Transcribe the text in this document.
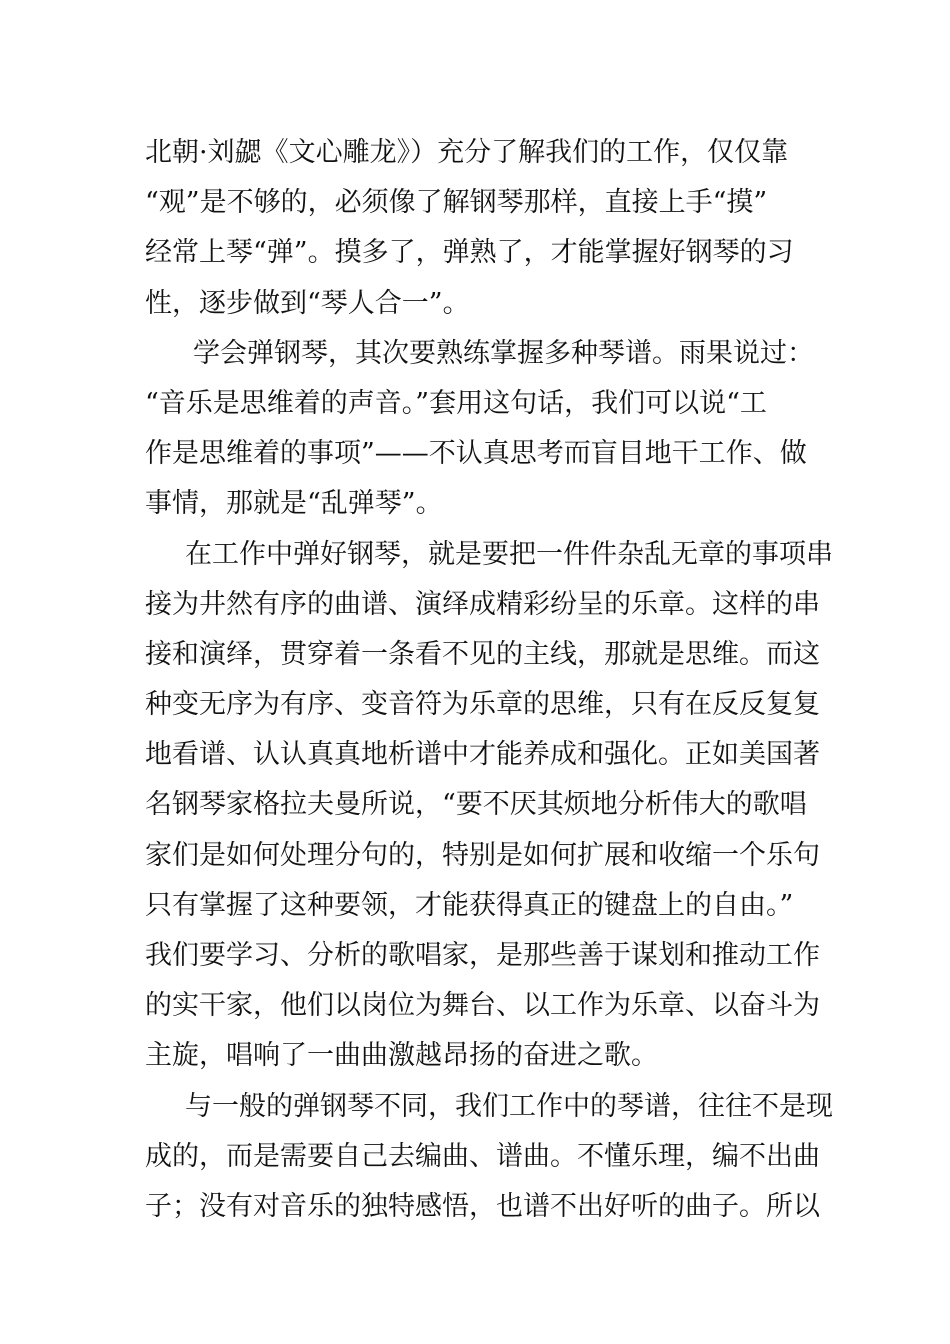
北朝·刘勰《文心雕龙》）充分了解我们的工作，仅仅靠
“观”是不够的，必须像了解钢琴那样，直接上手“摸”
经常上琴“弹”。摸多了，弹熟了，才能掌握好钢琴的习
性，逐步做到“琴人合一”。
学会弹钢琴，其次要熟练掌握多种琴谱。雨果说过：
“音乐是思维着的声音。”套用这句话，我们可以说“工
作是思维着的事项”——不认真思考而盲目地干工作、做
事情，那就是“乱弹琴”。
在工作中弹好钢琴，就是要把一件件杂乱无章的事项串
接为井然有序的曲谱、演绎成精彩纷呈的乐章。这样的串
接和演绎，贯穿着一条看不见的主线，那就是思维。而这
种变无序为有序、变音符为乐章的思维，只有在反反复复
地看谱、认认真真地析谱中才能养成和强化。正如美国著
名钢琴家格拉夫曼所说，“要不厌其烦地分析伟大的歌唱
家们是如何处理分句的，特别是如何扩展和收缩一个乐句
只有掌握了这种要领，才能获得真正的键盘上的自由。”
我们要学习、分析的歌唱家，是那些善于谋划和推动工作
的实干家，他们以岗位为舞台、以工作为乐章、以奋斗为
主旋，唱响了一曲曲激越昂扬的奋进之歌。
与一般的弹钢琴不同，我们工作中的琴谱，往往不是现
成的，而是需要自己去编曲、谱曲。不懂乐理，编不出曲
子；没有对音乐的独特感悟，也谱不出好听的曲子。所以
